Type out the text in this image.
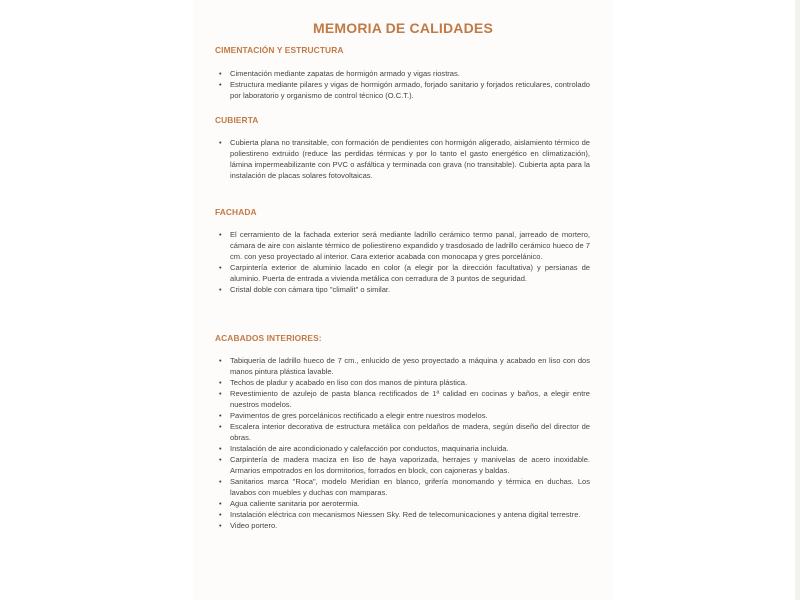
MEMORIA DE CALIDADES
CIMENTACIÓN Y ESTRUCTURA
• Cimentación mediante zapatas de hormigón armado y vigas riostras.
• Estructura mediante pilares y vigas de hormigón armado, forjado sanitario y forjados reticulares, controlado por laboratorio y organismo de control técnico (O.C.T.).
CUBIERTA
• Cubierta plana no transitable, con formación de pendientes con hormigón aligerado, aislamiento térmico de poliestireno extruido (reduce las perdidas térmicas y por lo tanto el gasto energético en climatización), lámina impermeabilizante con PVC o asfáltica y terminada con grava (no transitable). Cubierta apta para la instalación de placas solares fotovoltaicas.
FACHADA
• El cerramiento de la fachada exterior será mediante ladrillo cerámico termo panal, jarreado de mortero, cámara de aire con aislante térmico de poliestireno expandido y trasdosado de ladrillo cerámico hueco de 7 cm. con yeso proyectado al interior. Cara exterior acabada con monocapa y gres porcelánico.
• Carpintería exterior de aluminio lacado en color (a elegir por la dirección facultativa) y persianas de aluminio. Puerta de entrada a vivienda metálica con cerradura de 3 puntos de seguridad.
• Cristal doble con cámara tipo "climalit" o similar.
ACABADOS INTERIORES:
• Tabiquería de ladrillo hueco de 7 cm., enlucido de yeso proyectado a máquina y acabado en liso con dos manos pintura plástica lavable.
• Techos de pladur y acabado en liso con dos manos de pintura plástica.
• Revestimiento de azulejo de pasta blanca rectificados de 1ª calidad en cocinas y baños, a elegir entre nuestros modelos.
• Pavimentos de gres porcelánicos rectificado a elegir entre nuestros modelos.
• Escalera interior decorativa de estructura metálica con peldaños de madera, según diseño del director de obras.
• Instalación de aire acondicionado y calefacción por conductos, maquinaria incluida.
• Carpintería de madera maciza en liso de haya vaporizada, herrajes y manivelas de acero inoxidable. Armarios empotrados en los dormitorios, forrados en block, con cajoneras y baldas.
• Sanitarios marca "Roca", modelo Meridian en blanco, grifería monomando y térmica en duchas. Los lavabos con muebles y duchas con mamparas.
• Agua caliente sanitaria por aerotermia.
• Instalación eléctrica con mecanismos Niessen Sky. Red de telecomunicaciones y antena digital terrestre.
• Video portero.
